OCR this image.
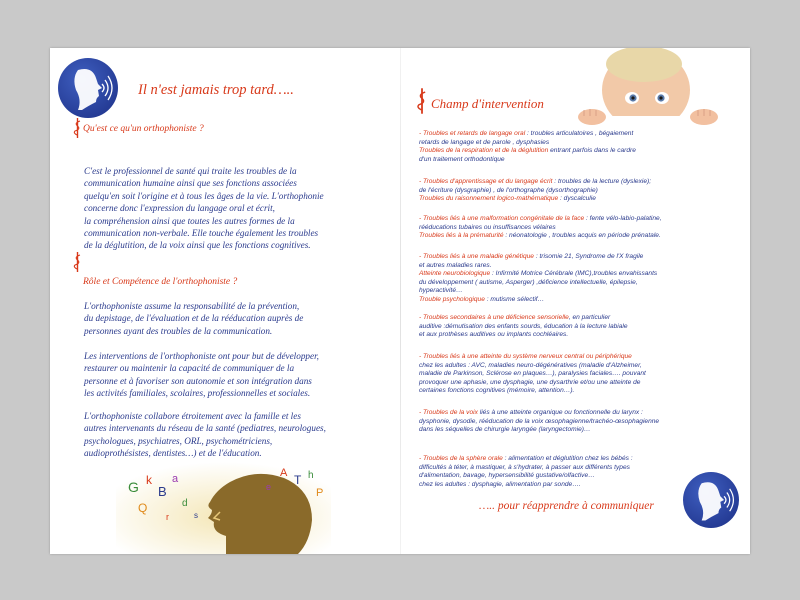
Il n'est jamais trop tard…..
Qu'est ce qu'un orthophoniste ?
C'est le professionnel de santé qui traite les troubles de la
communication humaine ainsi que ses fonctions associées
quelqu'en soit l'origine et à tous les âges de la vie. L'orthophonie
concerne donc l'expression du langage oral et écrit,
la compréhension ainsi que toutes les autres formes de la
communication non-verbale. Elle touche également les troubles
de la déglutition, de la voix ainsi que les fonctions cognitives.
Rôle et Compétence de l'orthophoniste ?
L'orthophoniste assume la responsabilité de la prévention,
du depistage, de l'évaluation et de la rééducation auprès de
personnes ayant des troubles de la communication.
Les interventions de l'orthophoniste ont pour but de développer,
restaurer ou maintenir la capacité de communiquer de la
personne et à favoriser son autonomie et son intégration dans
les activités familiales, scolaires, professionnelles et sociales.
L'orthophoniste collabore étroitement avec la famille et les
autres intervenants du réseau de la santé (pediatres, neurologues,
psychologues, psychiatres, ORL, psychométriciens,
audioprothésistes, dentistes…) et de l'éducation.
G k
B
a
Q	d
r	s
A T h
e	P
Champ d'intervention
- Troubles et retards de langage oral : troubles articulatoires , bégaiement
retards de langage et de parole , dysphasies
Troubles de la respiration et de la déglutition entrant parfois dans le cardre
d'un traitement orthodontique
- Troubles d'apprentissage et du langage écrit : troubles de la lecture (dyslexie);
de l'écriture (dysgraphie) , de l'orthographe (dysorthographie)
Troubles du raisonnement logico-mathématique : dyscalculie
- Troubles liés à une malformation congénitale de la face : fente vélo-labio-palatine,
rééducations tubaires ou insuffisances vélaires
Troubles liés à la prématurité : néonatologie , troubles acquis en période prénatale.
- Troubles liés à une maladie génétique : trisomie 21, Syndrome de l'X fragile
et autres maladies rares.
Atteinte neurobiologique : Infirmité Motrice Cérébrale (IMC),troubles envahissants
du développement ( autisme, Asperger) ,déficience intellectuelle, épilepsie,
hyperactivité…
Trouble psychologique : mutisme sélectif…
- Troubles secondaires à une déficience sensorielle, en particulier
auditive :démutisation des enfants sourds, éducation à la lecture labiale
et aux prothèses auditives ou implants cochléaires.
- Troubles liés à une atteinte du système nerveux central ou périphérique
chez les adultes : AVC, maladies neuro-dégénératives (maladie d'Alzheimer,
maladie de Parkinson, Sclérose en plaques…), paralysies faciales…. pouvant
provoquer une aphasie, une dysphagie, une dysarthrie et/ou une atteinte de
certaines fonctions cognitives (mémoire, attention…).
- Troubles de la voix liés à une atteinte organique ou fonctionnelle du larynx :
dysphonie, dysodie, rééducation de la voix œsophagienne/trachéo-œsophagienne
dans les séquelles de chirurgie laryngée (laryngectomie)…
- Troubles de la sphère orale : alimentation et déglutition chez les bébés :
difficultés à téter, à mastiquer, à s'hydrater, à passer aux différents types
d'alimentation, bavage, hypersensibilité gustative/olfactive…
chez les adultes : dysphagie, alimentation par sonde….
….. pour réapprendre à communiquer
